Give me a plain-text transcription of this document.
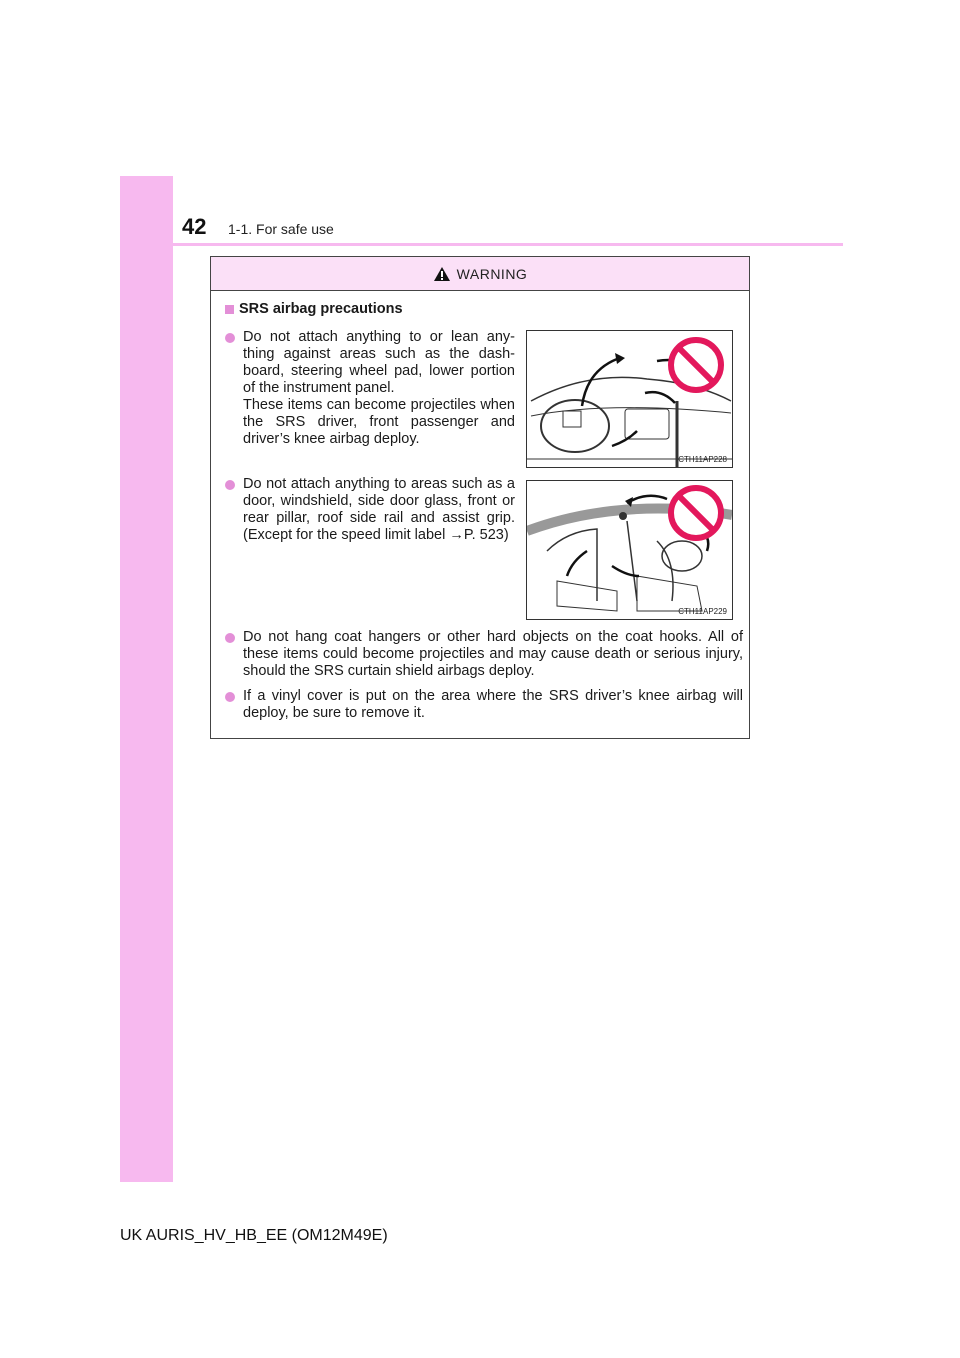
42 1-1. For safe use
WARNING
SRS airbag precautions

Do not attach anything to or lean any-thing against areas such as the dash-board, steering wheel pad, lower portion of the instrument panel.

These items can become projectiles when the SRS driver, front passenger and driver’s knee airbag deploy.

CTH11AP228
Do not attach anything to areas such as a door, windshield, side door glass, front or rear pillar, roof side rail and assist grip. (Except for the speed limit label →P. 523)
CTH11AP229
Do not hang coat hangers or other hard objects on the coat hooks. All of these items could become projectiles and may cause death or serious injury, should the SRS curtain shield airbags deploy.
If a vinyl cover is put on the area where the SRS driver’s knee airbag will deploy, be sure to remove it.
UK AURIS_HV_HB_EE (OM12M49E)
